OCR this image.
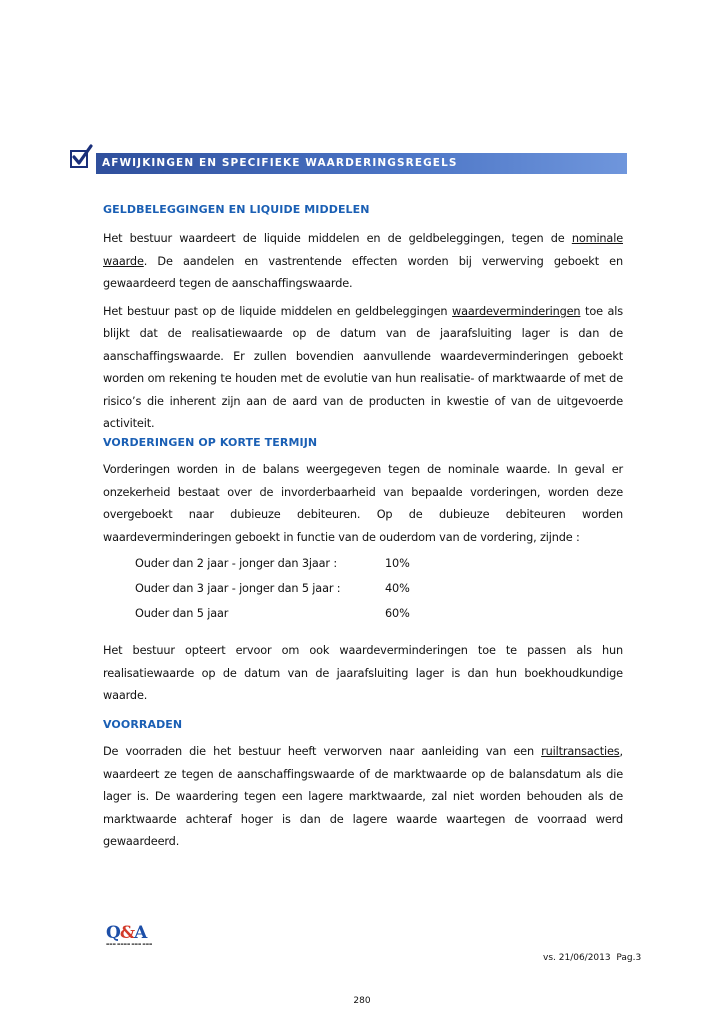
AFWIJKINGEN EN SPECIFIEKE WAARDERINGSREGELS
GELDBELEGGINGEN EN LIQUIDE MIDDELEN

Het bestuur waardeert de liquide middelen en de geldbeleggingen, tegen de nominale waarde. De aandelen en vastrentende effecten worden bij verwerving geboekt en gewaardeerd tegen de aanschaffingswaarde.

Het bestuur past op de liquide middelen en geldbeleggingen waardeverminderingen toe als blijkt dat de realisatiewaarde op de datum van de jaarafsluiting lager is dan de aanschaffingswaarde. Er zullen bovendien aanvullende waardeverminderingen geboekt worden om rekening te houden met de evolutie van hun realisatie- of marktwaarde of met de risico’s die inherent zijn aan de aard van de producten in kwestie of van de uitgevoerde activiteit.

VORDERINGEN OP KORTE TERMIJN

Vorderingen worden in de balans weergegeven tegen de nominale waarde. In geval er onzekerheid bestaat over de invorderbaarheid van bepaalde vorderingen, worden deze overgeboekt naar dubieuze debiteuren. Op de dubieuze debiteuren worden waardeverminderingen geboekt in functie van de ouderdom van de vordering, zijnde :

Ouder dan 2 jaar - jonger dan 3jaar :	10%
Ouder dan 3 jaar - jonger dan 5 jaar :	40%
Ouder dan 5 jaar	60%

Het bestuur opteert ervoor om ook waardeverminderingen toe te passen als hun realisatiewaarde op de datum van de jaarafsluiting lager is dan hun boekhoudkundige waarde.

VOORRADEN

De voorraden die het bestuur heeft verworven naar aanleiding van een ruiltransacties, waardeert ze tegen de aanschaffingswaarde of de marktwaarde op de balansdatum als die lager is. De waardering tegen een lagere marktwaarde, zal niet worden behouden als de marktwaarde achteraf hoger is dan de lagere waarde waartegen de voorraad werd gewaardeerd.

Q&A
▬▬▬ ▬▬▬▬ ▬▬▬ ▬▬▬
vs. 21/06/2013 Pag.3
280
